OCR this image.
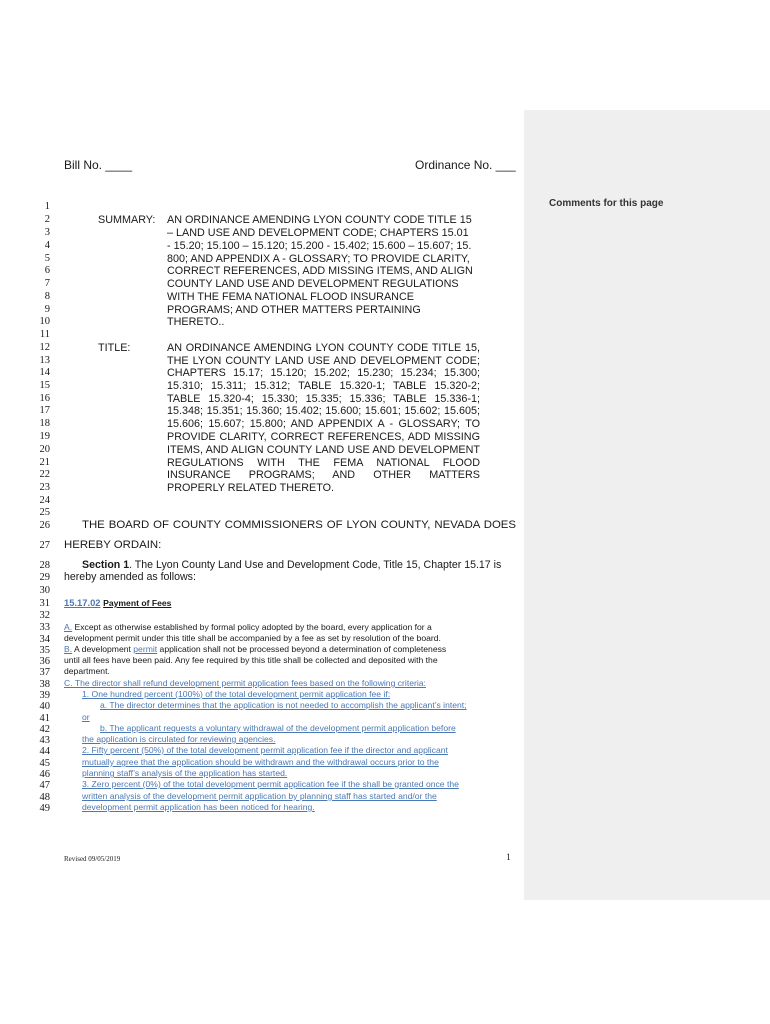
Bill No. ____	Ordinance No. ___
1
2
3
4
5
6
7
8
9
10
11
12
13
14
15
16
17
18
19
20
21
22
23
24
25
26
27
28
29
30
31
32
33
34
35
36
37
38
39
40
41
42
43
44
45
46
47
48
49
SUMMARY: AN ORDINANCE AMENDING LYON COUNTY CODE TITLE 15
– LAND USE AND DEVELOPMENT CODE; CHAPTERS 15.01
- 15.20; 15.100 – 15.120; 15.200 - 15.402; 15.600 – 15.607; 15.
800; AND APPENDIX A - GLOSSARY; TO PROVIDE CLARITY,
CORRECT REFERENCES, ADD MISSING ITEMS, AND ALIGN
COUNTY LAND USE AND DEVELOPMENT REGULATIONS
WITH THE FEMA NATIONAL FLOOD INSURANCE
PROGRAMS; AND OTHER MATTERS PERTAINING
THERETO..
TITLE:	AN ORDINANCE AMENDING LYON COUNTY CODE TITLE 15,
THE LYON COUNTY LAND USE AND DEVELOPMENT CODE;
CHAPTERS 15.17; 15.120; 15.202; 15.230; 15.234; 15.300;
15.310; 15.311; 15.312; TABLE 15.320-1; TABLE 15.320-2;
TABLE 15.320-4; 15.330; 15.335; 15.336; TABLE 15.336-1;
15.348; 15.351; 15.360; 15.402; 15.600; 15.601; 15.602; 15.605;
15.606; 15.607; 15.800; AND APPENDIX A - GLOSSARY; TO
PROVIDE CLARITY, CORRECT REFERENCES, ADD MISSING
ITEMS, AND ALIGN COUNTY LAND USE AND DEVELOPMENT
REGULATIONS WITH THE FEMA NATIONAL FLOOD
INSURANCE PROGRAMS; AND OTHER MATTERS
PROPERLY RELATED THERETO.
THE BOARD OF COUNTY COMMISSIONERS OF LYON COUNTY, NEVADA DOES
HEREBY ORDAIN:
Section 1. The Lyon County Land Use and Development Code, Title 15, Chapter 15.17 is
hereby amended as follows:
15.17.02 Payment of Fees
A. Except as otherwise established by formal policy adopted by the board, every application for a
development permit under this title shall be accompanied by a fee as set by resolution of the board.
B. A development permit application shall not be processed beyond a determination of completeness
until all fees have been paid. Any fee required by this title shall be collected and deposited with the
department.
C. The director shall refund development permit application fees based on the following criteria:
1. One hundred percent (100%) of the total development permit application fee if:
a. The director determines that the application is not needed to accomplish the applicant’s intent;
or
b. The applicant requests a voluntary withdrawal of the development permit application before
the application is circulated for reviewing agencies.
2. Fifty percent (50%) of the total development permit application fee if the director and applicant
mutually agree that the application should be withdrawn and the withdrawal occurs prior to the
planning staff’s analysis of the application has started.
3. Zero percent (0%) of the total development permit application fee if the shall be granted once the
written analysis of the development permit application by planning staff has started and/or the
development permit application has been noticed for hearing.
Revised 09/05/2019	1
Comments for this page
